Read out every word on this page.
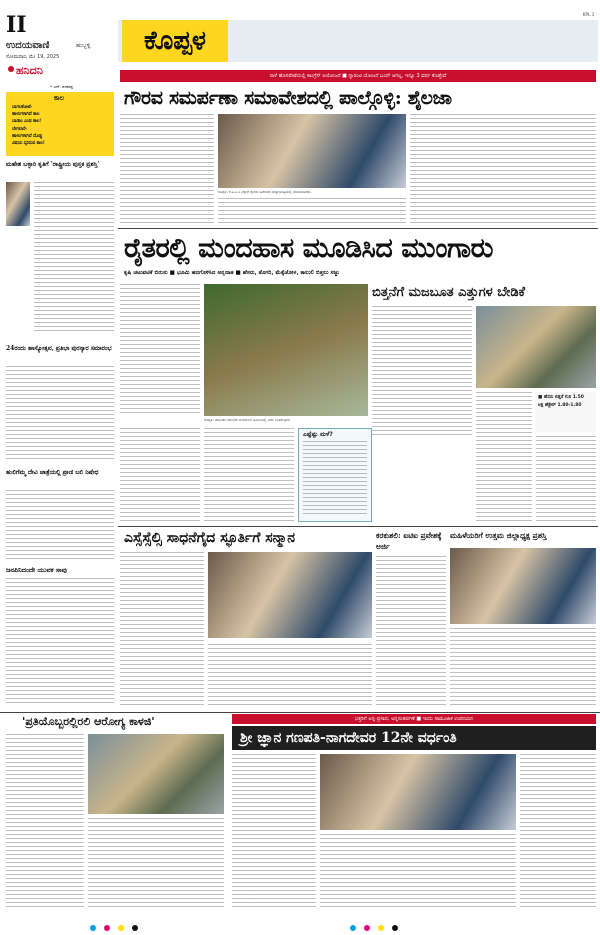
II
ಉದಯವಾಣಿ	ಹುಬ್ಬಳ್ಳಿ
ಸೋಮವಾರ, ಮೇ 19, 2025
ಕೊಪ್ಪಳ
KPL 3
ಹನಿದನಿ
• ಎನ್. ಶಂಕರಪ್ಪ
ಕಾಲ
ಬಾಗಲಕೋಟೆ-
ಹಾಳುಗಳಾಗಿವೆ ಕಾಲ
ಬಾಡಾಂ ಎಂಥ ಕಾಲ!
ಬೇಗಲಾರೆ-
ಹಾಳುಗಳಾಗಿವೆ ದೊಡ್ಡ
ವಿಷಯ ಸ್ಕರಿಸುವ ಕಾಲ!
ಮಹೇಶ ಬಳ್ಳಾರಿ ಕೃತಿಗೆ 'ರಾಷ್ಟ್ರೀಯ ಪುಸ್ತಕ ಪ್ರಶಸ್ತಿ'
24ರಂದು ಹಾಸ್ಯೋತ್ಸವ, ಪ್ರತಿಭಾ ಪುರಸ್ಕಾರ ಸಮಾರಂಭ
ಹುಲಿಗೆಮ್ಮ ದೇವಿ ಜಾತ್ರೆಯಲ್ಲಿ ಪ್ರಾಣಿ ಬಲಿ ನಿಷೇಧ
ಜನಪಿನಿದಂದೇ ಯುವಕ ಸಾವು
ನಾಳೆ ಹೊಸಪೇಟೆಯಲ್ಲಿ ಕಾಂಗ್ರೆಸ್ ಆಯೋಜನೆ ■ ಗ್ಯಾರಂಟಿ ಯೋಜನೆ ಬಂದ್ ಆಗಲ್ಲ, ಇನ್ನೂ 3 ವರ್ಷ ಕೊಡ್ತೇವೆ
ಗೌರವ ಸಮರ್ಪಣಾ ಸಮಾವೇಶದಲ್ಲಿ ಪಾಲ್ಗೊಳ್ಳಿ: ಶೈಲಜಾ
ಕೊಪ್ಪಳ: ಕೆ.ಪಿ.ಸಿ.ಸಿ ವಕ್ತಾರೆ ಶೈಲಜಾ ಹಿರೇಮಠ ಸುದ್ದಿಗೋಷ್ಠಿಯಲ್ಲಿ ಮಾತನಾಡಿದರು.
ರೈತರಲ್ಲಿ ಮಂದಹಾಸ ಮೂಡಿಸಿದ ಮುಂಗಾರು
ಕೃಷಿ ಚಟುವಟಿಕೆ ಬಿರುಸು ■ ಭೂಮಿ ಹದಗೊಳಿಸಿದ ಅನ್ನದಾತ ■ ಹೆಸರು, ತೊಗರಿ, ಮೆಕ್ಕೆಜೋಳ, ಕಾಲುಲಿ ಬಿತ್ತಲು ಸಜ್ಜು
ಕೊಪ್ಪಳ: ತಾಲೂಕಿನ ಹಲವೆಡೆ ಮಳೆಯಿಂದ ಜಮೀನಿನಲ್ಲಿ ನೀರು ನಿಂತಿರುವುದು.
ಎಷ್ಟೆಷ್ಟು ಮಳೆ?
ಬಿತ್ತನೆಗೆ ಮಜಬೂತ ಎತ್ತುಗಳ ಬೇಡಿಕೆ
■ ಹೆಸರು ಬಿತ್ತನೆ ಗುರಿ 1.50
ಲಕ್ಷ ಹೆಕ್ಟೇರ್ 1.80-1.80
ಎಸ್ಸೆಸ್ಸೆಲ್ಸಿ ಸಾಧನೆಗೈದ ಸ್ಫೂರ್ತಿಗೆ ಸನ್ಮಾನ	ಕರಕುಶಲಿ: ಐಟಿಐ ಪ್ರವೇಶಕ್ಕೆ ಅರ್ಜಿ
ಮಹಿಳೆಯರಿಗೆ ಉತ್ತಮ ಜಿಲ್ಲಾಧ್ಯಕ್ಷ ಪ್ರಶಸ್ತಿ
'ಪ್ರತಿಯೊಬ್ಬರಲ್ಲಿರಲಿ ಆರೋಗ್ಯ ಕಾಳಜಿ'	ಭಕ್ತರಿಗೆ ಅನ್ನ-ಪ್ರಸಾದ, ಅನ್ನಸಂತರ್ಪಣೆ ■ ಇಂದು ಸಾಮೂಹಿಕ ಉಪನಯನ
ಶ್ರೀ ಜ್ಞಾನ ಗಣಪತಿ-ನಾಗದೇವರ 12ನೇ ವರ್ಧಂತಿ
